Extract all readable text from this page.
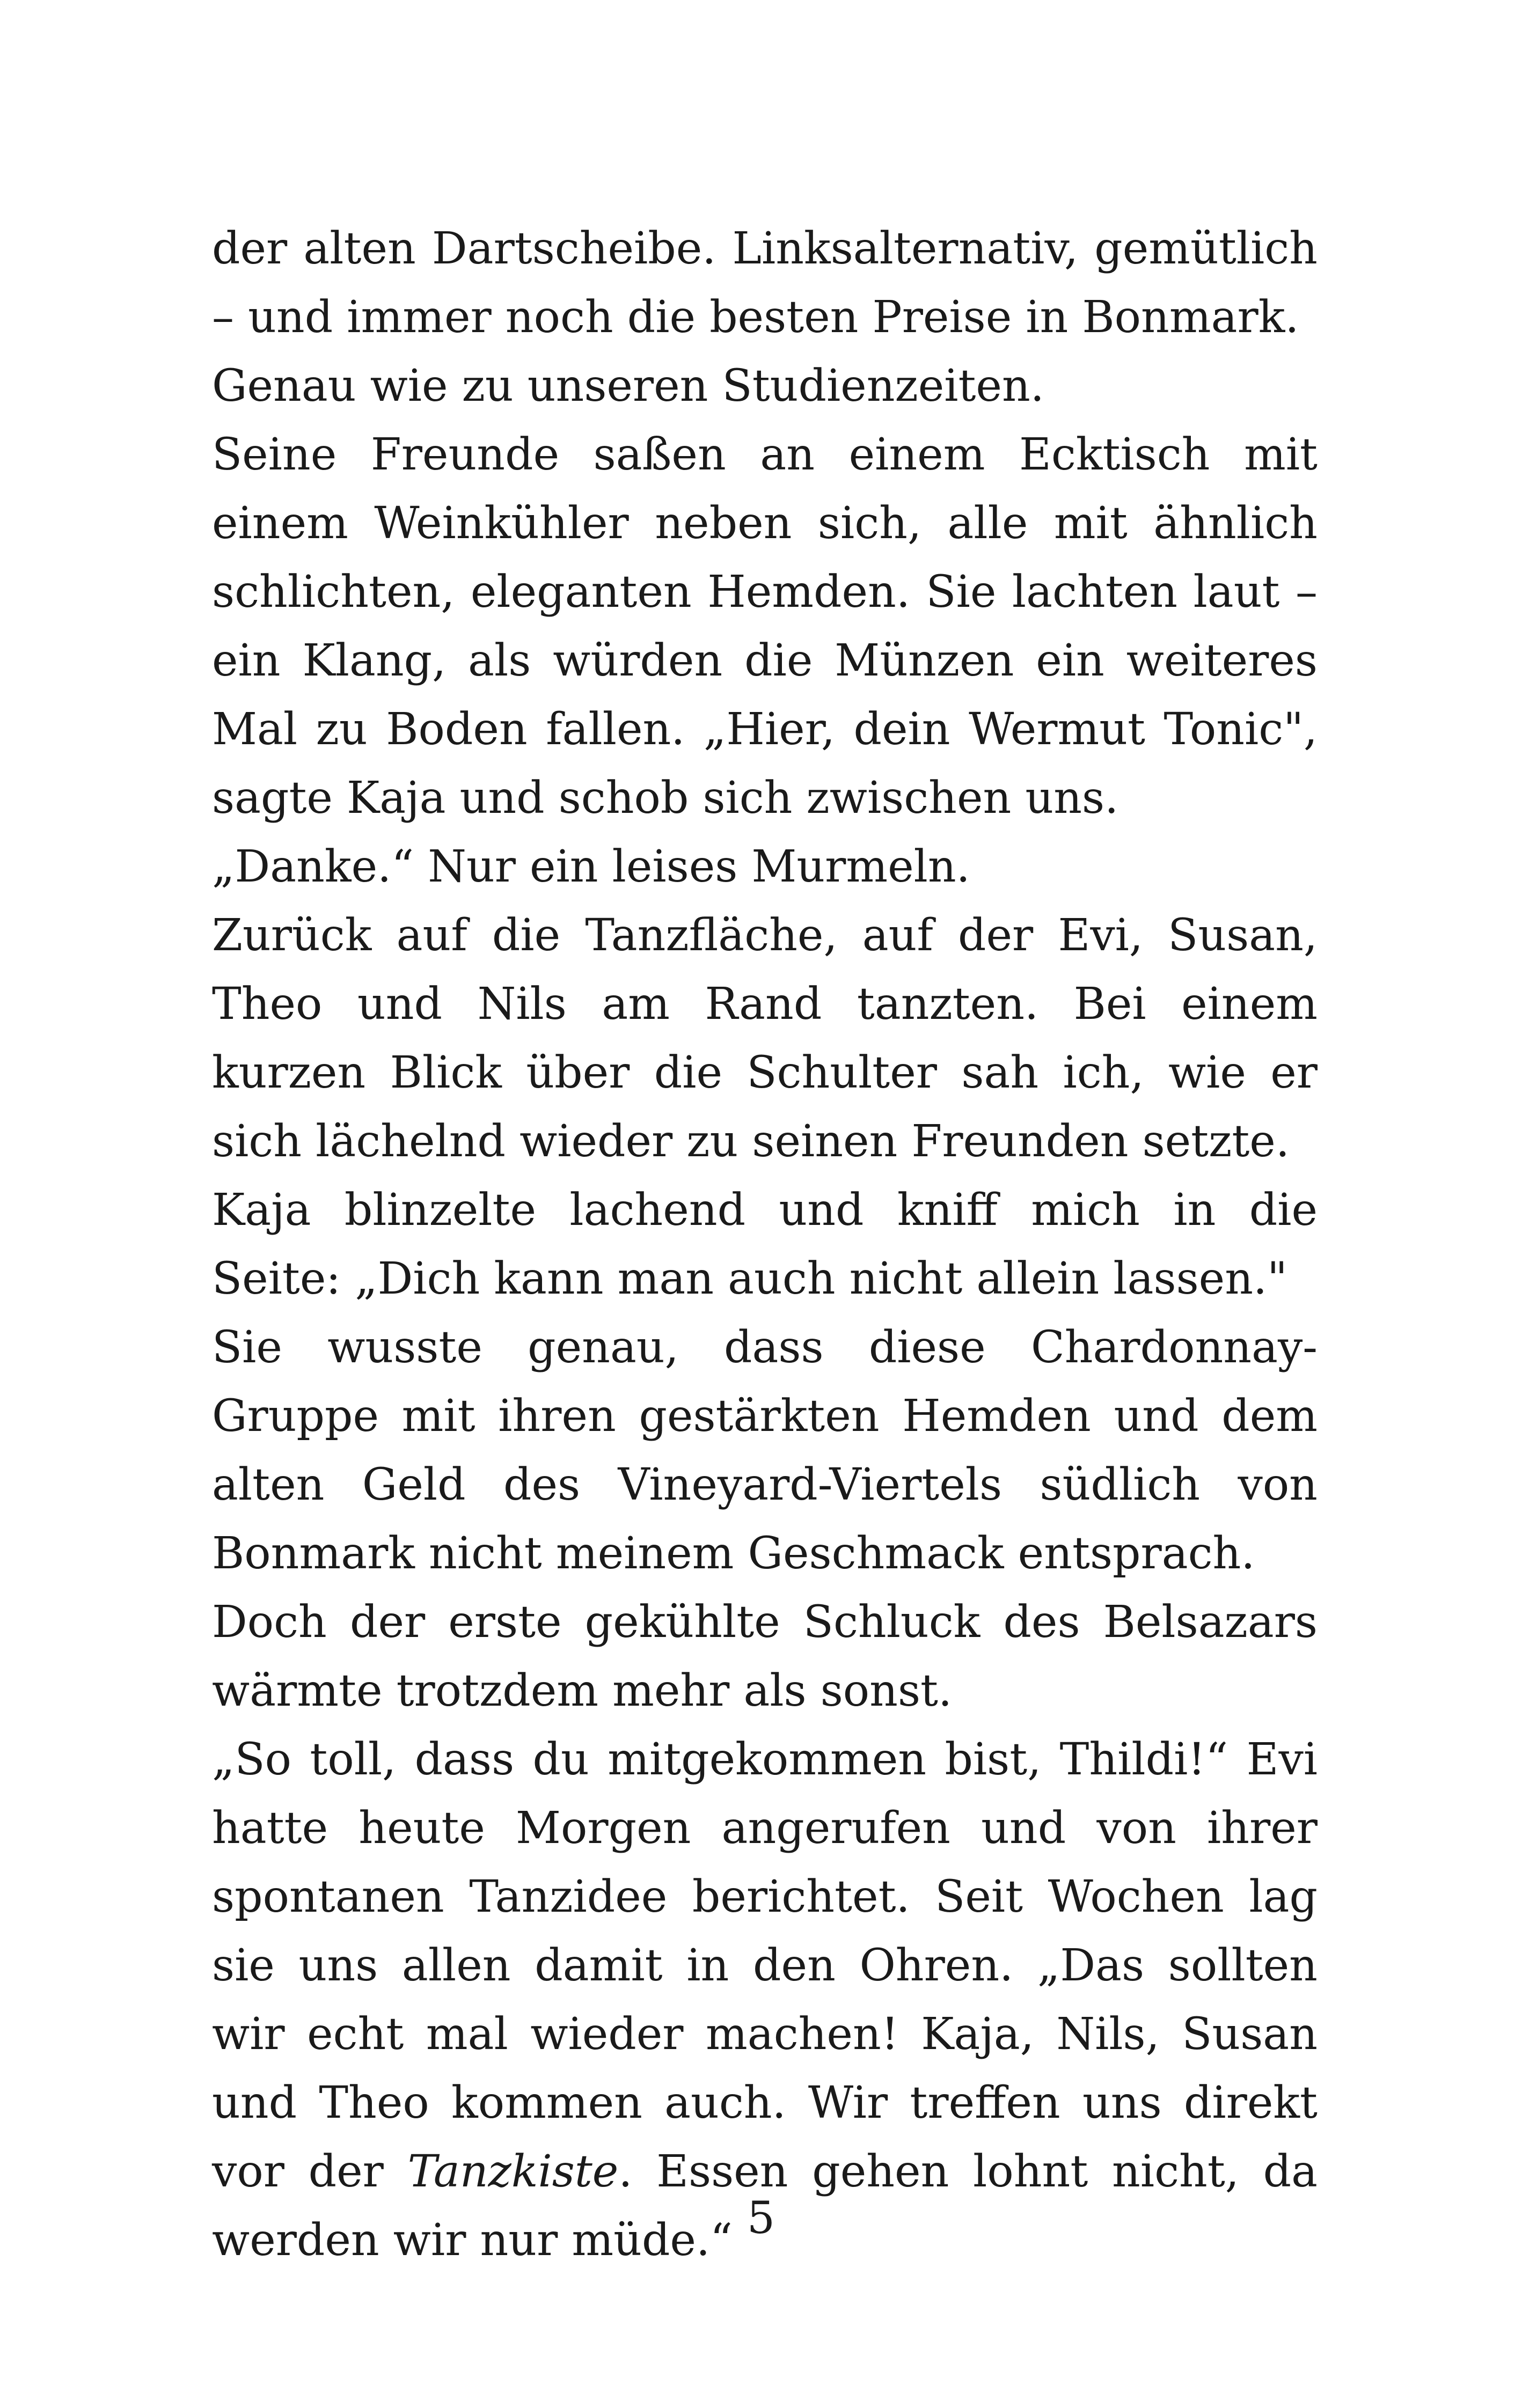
der alten Dartscheibe. Linksalternativ, gemütlich – und immer noch die besten Preise in Bonmark.

Genau wie zu unseren Studienzeiten.

Seine Freunde saßen an einem Ecktisch mit einem Weinkühler neben sich, alle mit ähnlich schlichten, eleganten Hemden. Sie lachten laut – ein Klang, als würden die Münzen ein weiteres Mal zu Boden fallen. „Hier, dein Wermut Tonic", sagte Kaja und schob sich zwischen uns.

„Danke.“ Nur ein leises Murmeln.

Zurück auf die Tanzfläche, auf der Evi, Susan, Theo und Nils am Rand tanzten. Bei einem kurzen Blick über die Schulter sah ich, wie er sich lächelnd wieder zu seinen Freunden setzte.

Kaja blinzelte lachend und kniff mich in die Seite: „Dich kann man auch nicht allein lassen."

Sie wusste genau, dass diese Chardonnay-Gruppe mit ihren gestärkten Hemden und dem alten Geld des Vineyard-Viertels südlich von Bonmark nicht meinem Geschmack entsprach.

Doch der erste gekühlte Schluck des Belsazars wärmte trotzdem mehr als sonst.

„So toll, dass du mitgekommen bist, Thildi!“ Evi hatte heute Morgen angerufen und von ihrer spontanen Tanzidee berichtet. Seit Wochen lag sie uns allen damit in den Ohren. „Das sollten wir echt mal wieder machen! Kaja, Nils, Susan und Theo kommen auch. Wir treffen uns direkt vor der Tanzkiste. Essen gehen lohnt nicht, da werden wir nur müde.“ 5
